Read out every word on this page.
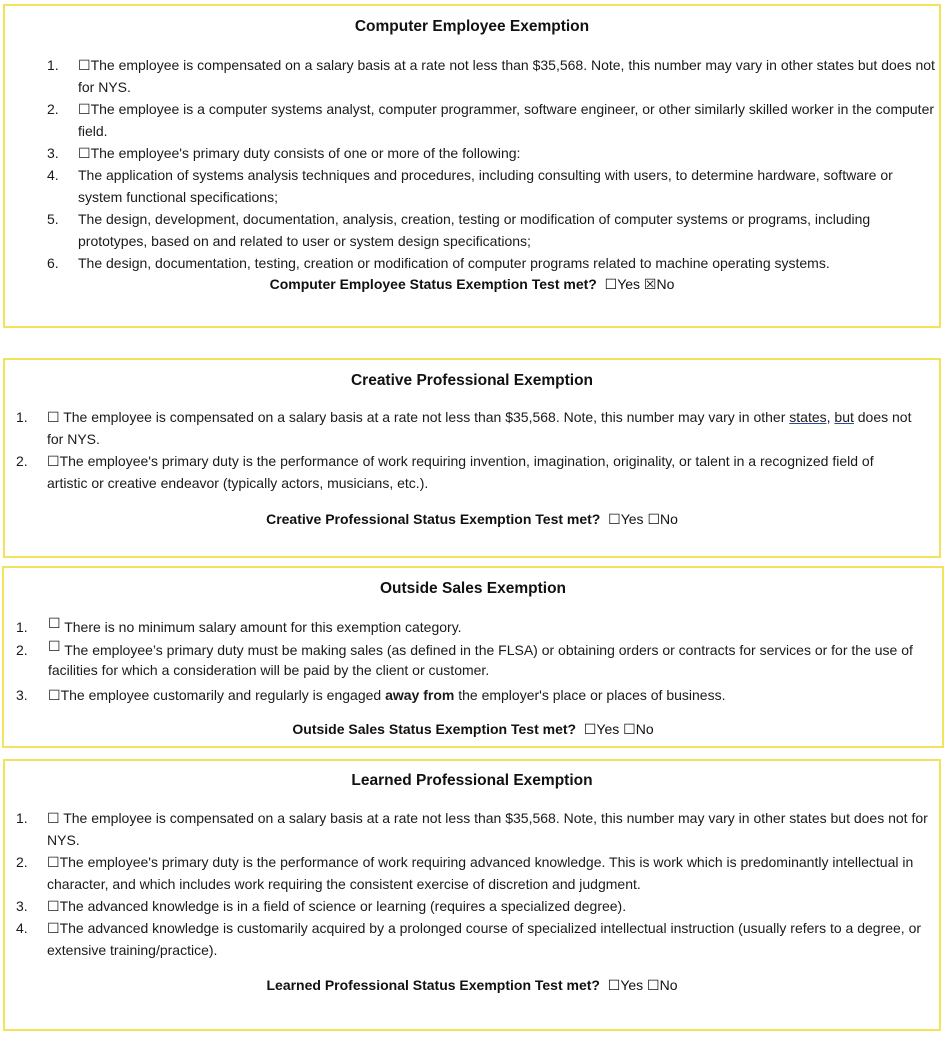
Computer Employee Exemption
1. ☐The employee is compensated on a salary basis at a rate not less than $35,568. Note, this number may vary in other states but does not for NYS.
2. ☐The employee is a computer systems analyst, computer programmer, software engineer, or other similarly skilled worker in the computer field.
3. ☐The employee's primary duty consists of one or more of the following:
4. The application of systems analysis techniques and procedures, including consulting with users, to determine hardware, software or system functional specifications;
5. The design, development, documentation, analysis, creation, testing or modification of computer systems or programs, including prototypes, based on and related to user or system design specifications;
6. The design, documentation, testing, creation or modification of computer programs related to machine operating systems.
Computer Employee Status Exemption Test met? ☐Yes ☒No
Creative Professional Exemption
1. ☐ The employee is compensated on a salary basis at a rate not less than $35,568. Note, this number may vary in other states, but does not for NYS.
2. ☐The employee's primary duty is the performance of work requiring invention, imagination, originality, or talent in a recognized field of artistic or creative endeavor (typically actors, musicians, etc.).
Creative Professional Status Exemption Test met? ☐Yes ☐No
Outside Sales Exemption
1. ☐ There is no minimum salary amount for this exemption category.
2. ☐ The employee’s primary duty must be making sales (as defined in the FLSA) or obtaining orders or contracts for services or for the use of facilities for which a consideration will be paid by the client or customer.
3. ☐The employee customarily and regularly is engaged away from the employer's place or places of business.
Outside Sales Status Exemption Test met? ☐Yes ☐No
Learned Professional Exemption
1. ☐ The employee is compensated on a salary basis at a rate not less than $35,568. Note, this number may vary in other states but does not for NYS.
2. ☐The employee's primary duty is the performance of work requiring advanced knowledge. This is work which is predominantly intellectual in character, and which includes work requiring the consistent exercise of discretion and judgment.
3. ☐The advanced knowledge is in a field of science or learning (requires a specialized degree).
4. ☐The advanced knowledge is customarily acquired by a prolonged course of specialized intellectual instruction (usually refers to a degree, or extensive training/practice).
Learned Professional Status Exemption Test met? ☐Yes ☐No
